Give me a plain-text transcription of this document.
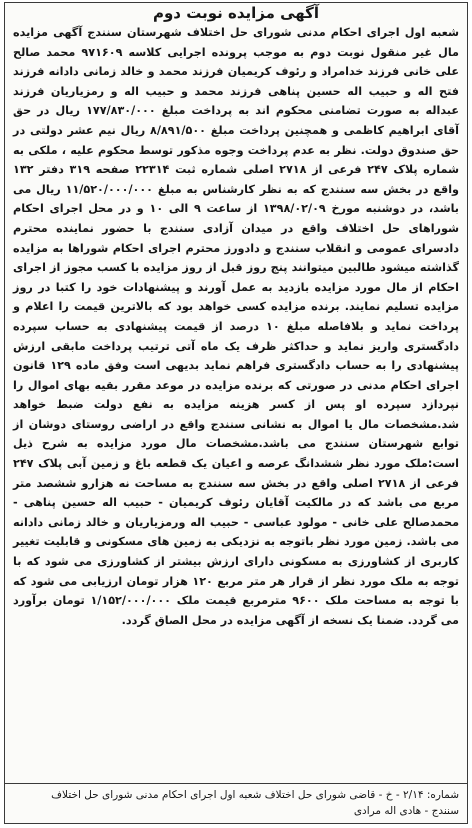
آگهی مزایده نوبت دوم

شعبه اول اجرای احکام مدنی شورای حل اختلاف شهرستان سنندج آگهی مزایده مال غیر منقول نوبت دوم به موجب پرونده اجرایی کلاسه ۹۷۱۶۰۹ محمد صالح علی خانی فرزند خدامراد و رئوف کریمیان فرزند محمد و خالد زمانی دادانه فرزند فتح اله و حبیب اله حسین پناهی فرزند محمد و حبیب اله و رمزیاریان فرزند عبداله به صورت تضامنی محکوم اند به پرداخت مبلغ ۱۷۷/۸۳۰/۰۰۰ ریال در حق آقای ابراهیم کاظمی و همچنین پرداخت مبلغ ۸/۸۹۱/۵۰۰ ریال نیم عشر دولتی در حق صندوق دولت. نظر به عدم پرداخت وجوه مذکور توسط محکوم علیه ، ملکی به شماره پلاک ۲۴۷ فرعی از ۲۷۱۸ اصلی شماره ثبت ۲۲۳۱۴ صفحه ۳۱۹ دفتر ۱۳۲ واقع در بخش سه سنندج که به نظر کارشناس به مبلغ ۱۱/۵۲۰/۰۰۰/۰۰۰ ریال می باشد، در دوشنبه مورخ ۱۳۹۸/۰۲/۰۹ از ساعت ۹ الی ۱۰ و در محل اجرای احکام شوراهای حل اختلاف واقع در میدان آزادی سنندج با حضور نماینده محترم دادسرای عمومی و انقلاب سنندج و دادورز محترم اجرای احکام شوراها به مزایده گذاشته میشود طالبین میتوانند پنج روز قبل از روز مزایده با کسب مجوز از اجرای احکام از مال مورد مزایده بازدید به عمل آورند و پیشنهادات خود را کتبا در روز مزایده تسلیم نمایند. برنده مزایده کسی خواهد بود که بالاترین قیمت را اعلام و پرداخت نماید و بلافاصله مبلغ ۱۰ درصد از قیمت پیشنهادی به حساب سپرده دادگستری واریز نماید و حداکثر ظرف یک ماه آتی ترتیب پرداخت مابقی ارزش پیشنهادی را به حساب دادگستری فراهم نماید بدیهی است وفق ماده ۱۲۹ قانون اجرای احکام مدنی در صورتی که برنده مزایده در موعد مقرر بقیه بهای اموال را نپردازد سپرده او پس از کسر هزینه مزایده به نفع دولت ضبط خواهد شد.مشخصات مال یا اموال به نشانی سنندج واقع در اراضی روستای دوشان از توابع شهرستان سنندج می باشد.مشخصات مال مورد مزایده به شرح ذیل است:ملک مورد نظر ششدانگ عرصه و اعیان یک قطعه باغ و زمین آبی پلاک ۲۴۷ فرعی از ۲۷۱۸ اصلی واقع در بخش سه سنندج به مساحت نه هزارو ششصد متر مربع می باشد که در مالکیت آقایان رئوف کریمیان - حبیب اله حسین پناهی - محمدصالح علی خانی - مولود عباسی - حبیب اله ورمزیاریان و خالد زمانی دادانه می باشد. زمین مورد نظر باتوجه به نزدیکی به زمین های مسکونی و قابلیت تغییر کاربری از کشاورزی به مسکونی دارای ارزش بیشتر از کشاورزی می شود که با توجه به ملک مورد نظر از قرار هر متر مربع ۱۲۰ هزار تومان ارزیابی می شود که با توجه به مساحت ملک ۹۶۰۰ مترمربع قیمت ملک ۱/۱۵۲/۰۰۰/۰۰۰ تومان برآورد می گردد. ضمنا یک نسخه از آگهی مزایده در محل الصاق گردد.

شماره: ۲/۱۴ - خ - قاضی شورای حل اختلاف شعبه اول اجرای احکام مدنی شورای حل اختلاف
سنندج - هادی اله مرادی
